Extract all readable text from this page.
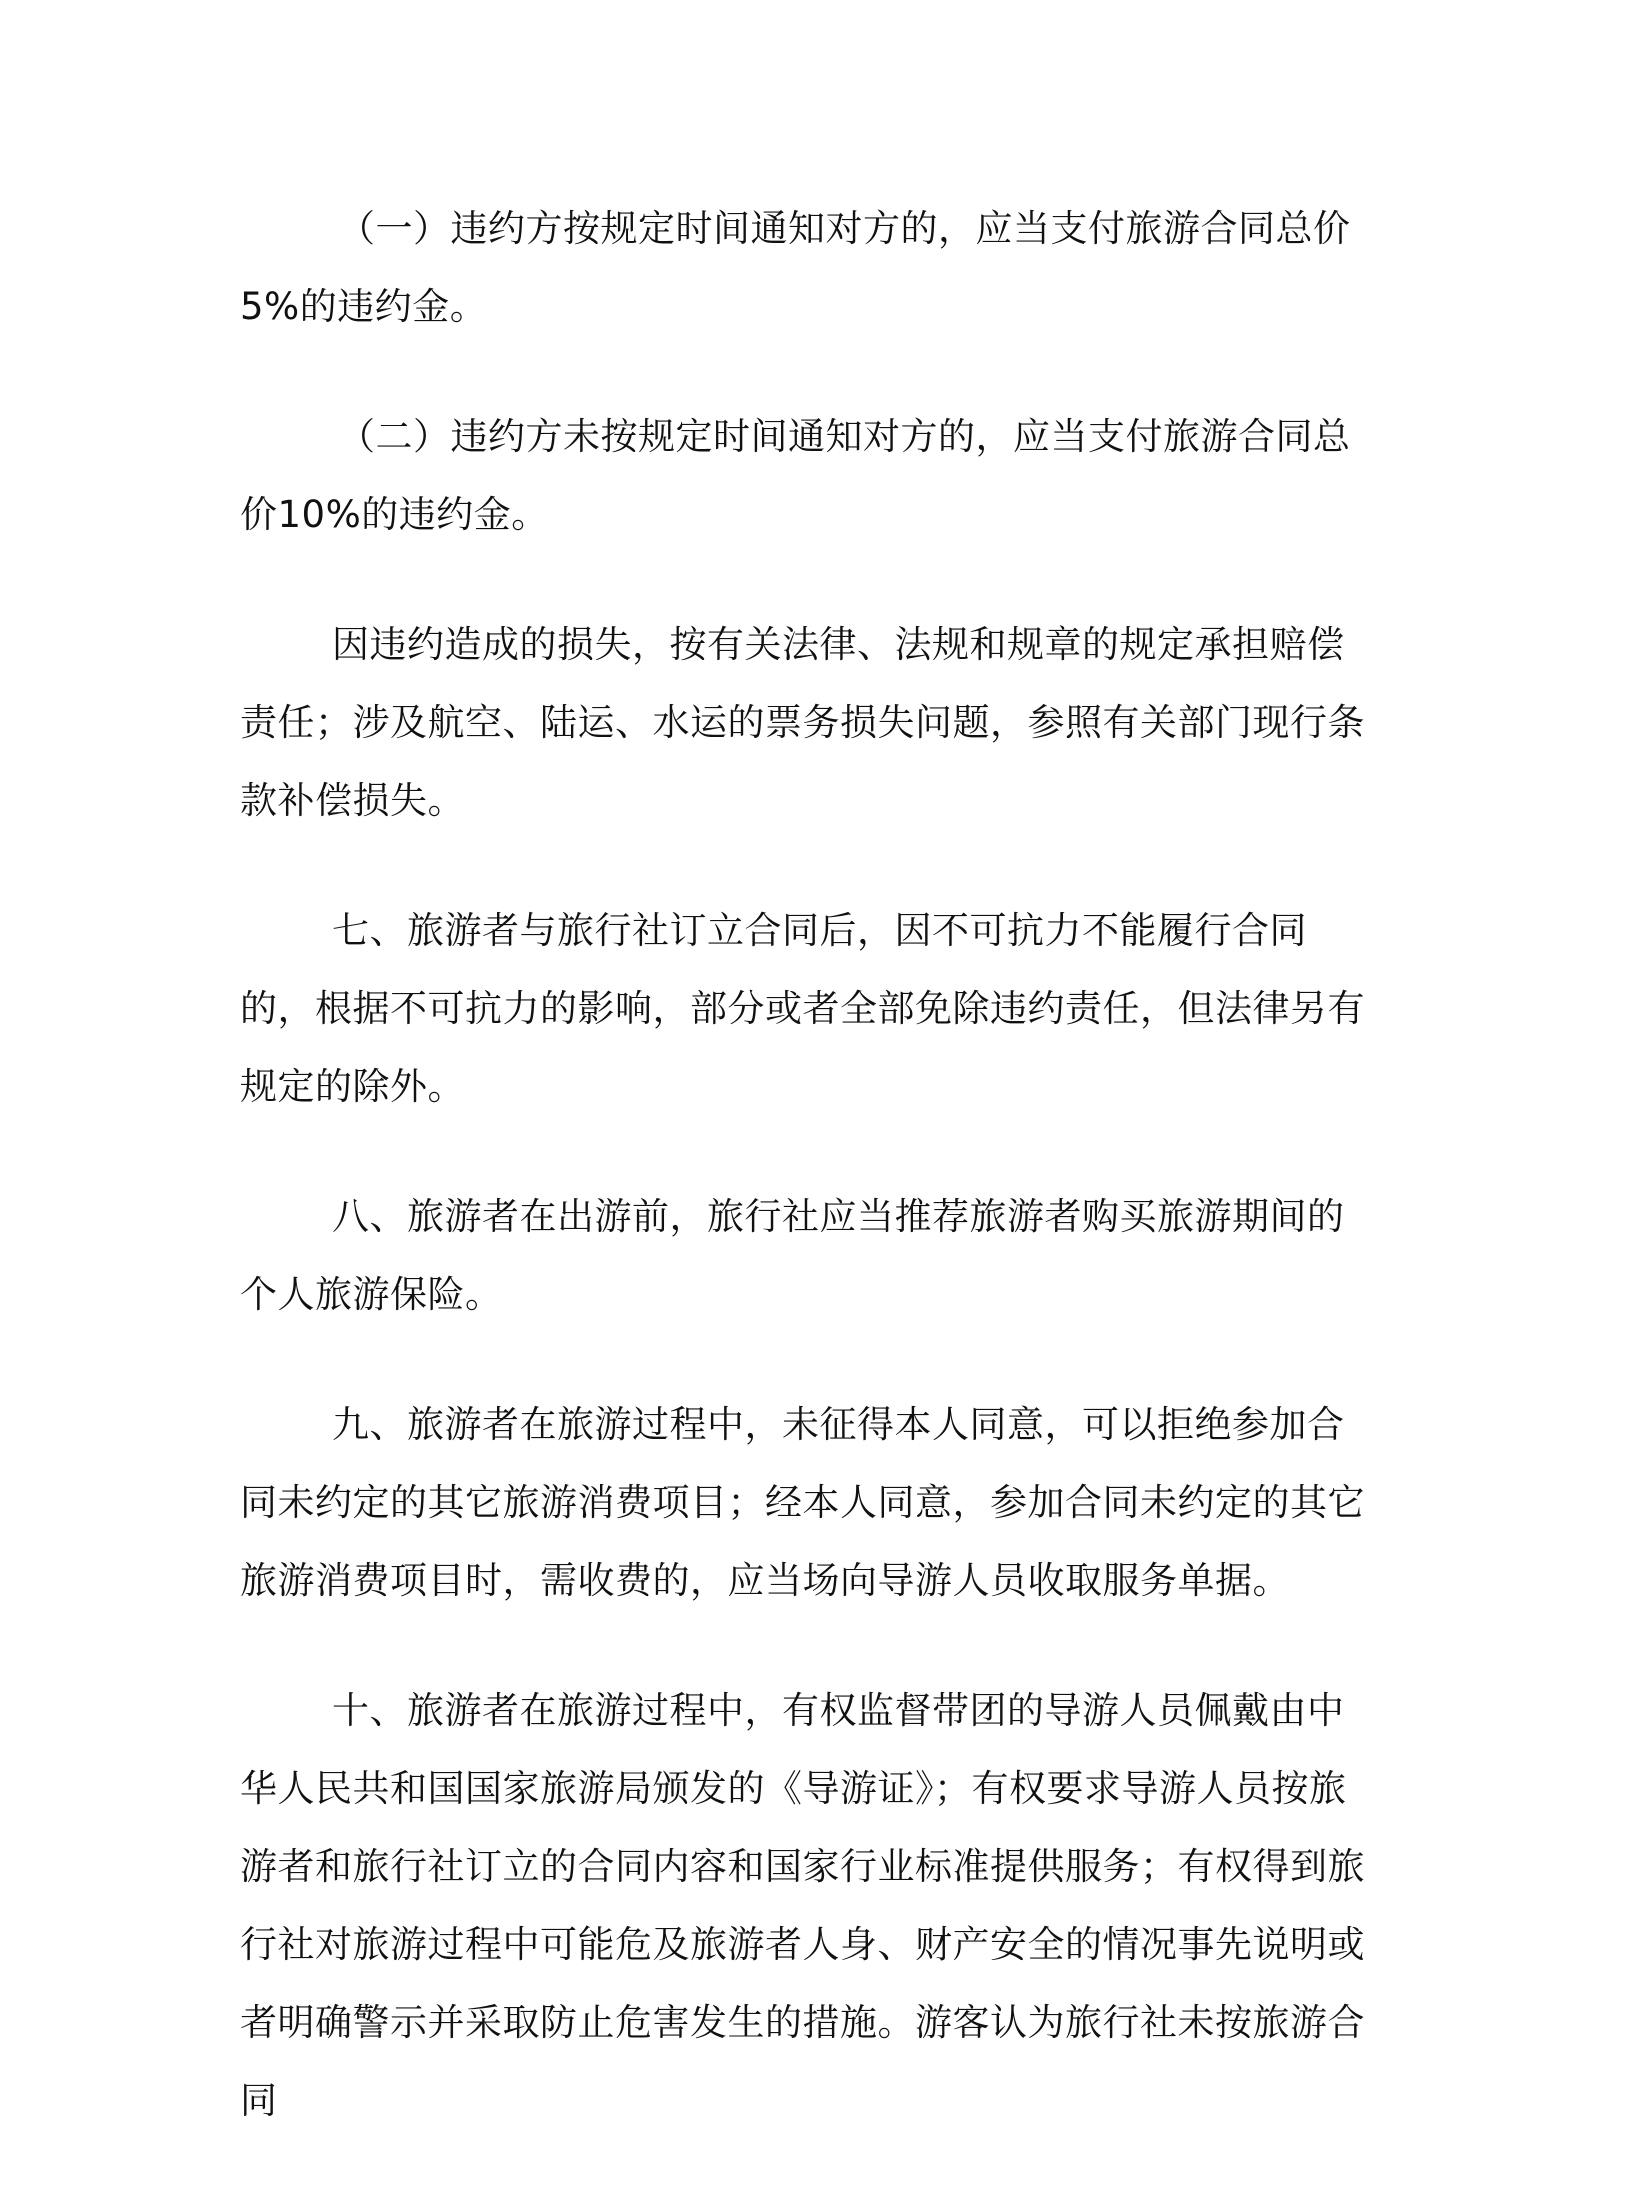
（一）违约方按规定时间通知对方的，应当支付旅游合同总价5%的违约金。

（二）违约方未按规定时间通知对方的，应当支付旅游合同总价10%的违约金。

因违约造成的损失，按有关法律、法规和规章的规定承担赔偿责任；涉及航空、陆运、水运的票务损失问题，参照有关部门现行条款补偿损失。

七、旅游者与旅行社订立合同后，因不可抗力不能履行合同的，根据不可抗力的影响，部分或者全部免除违约责任，但法律另有规定的除外。

八、旅游者在出游前，旅行社应当推荐旅游者购买旅游期间的个人旅游保险。

九、旅游者在旅游过程中，未征得本人同意，可以拒绝参加合同未约定的其它旅游消费项目；经本人同意，参加合同未约定的其它旅游消费项目时，需收费的，应当场向导游人员收取服务单据。

十、旅游者在旅游过程中，有权监督带团的导游人员佩戴由中华人民共和国国家旅游局颁发的《导游证》；有权要求导游人员按旅游者和旅行社订立的合同内容和国家行业标准提供服务；有权得到旅行社对旅游过程中可能危及旅游者人身、财产安全的情况事先说明或者明确警示并采取防止危害发生的措施。游客认为旅行社未按旅游合同
